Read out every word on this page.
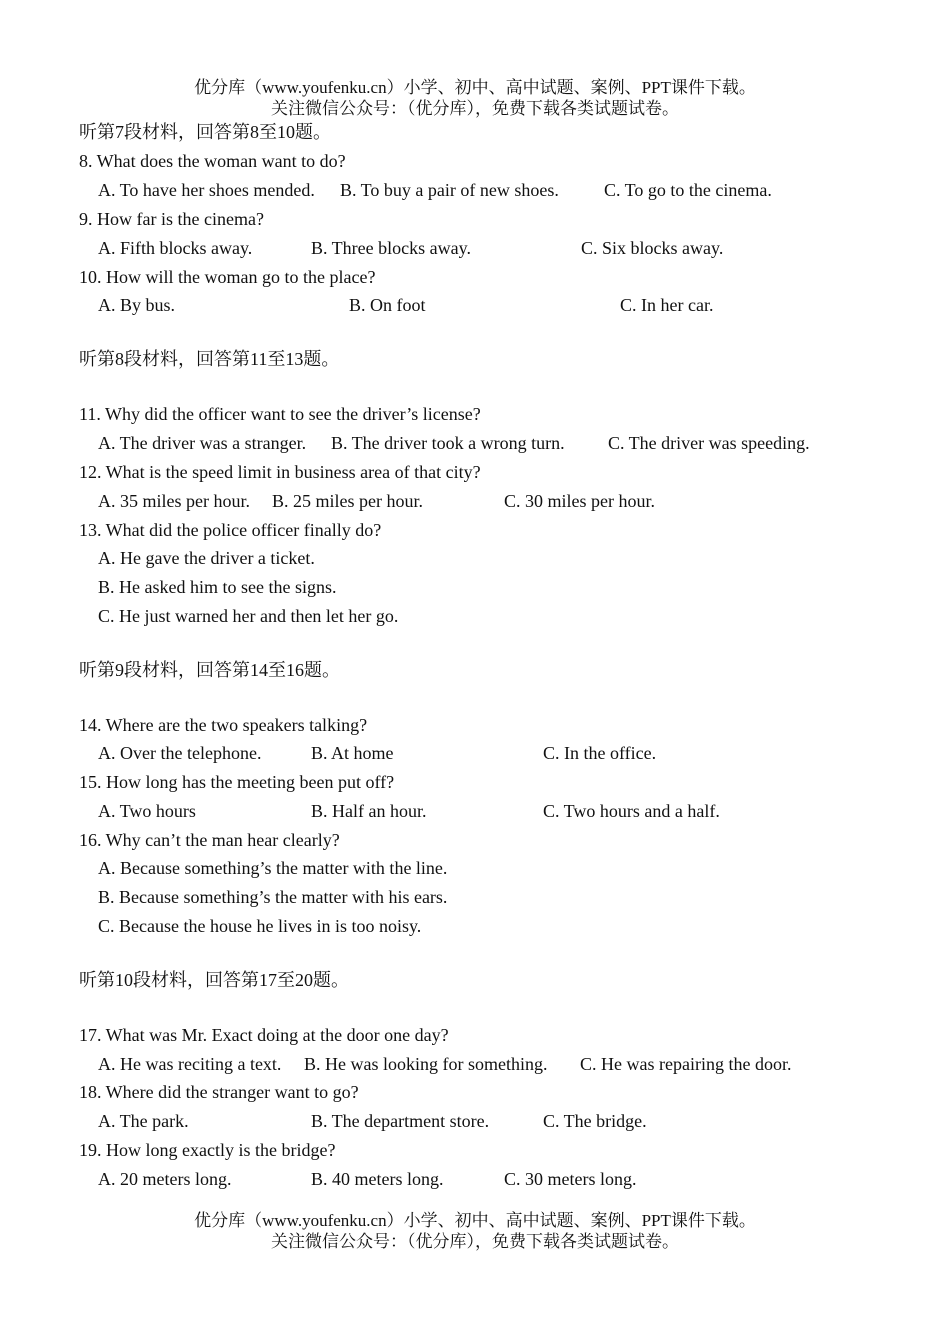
优分库（www.youfenku.cn）小学、初中、高中试题、案例、PPT课件下载。
关注微信公众号：（优分库），免费下载各类试题试卷。
听第7段材料，回答第8至10题。
8. What does the woman want to do?
A. To have her shoes mended. B. To buy a pair of new shoes.	C. To go to the cinema.
9. How far is the cinema?
A. Fifth blocks away.	B. Three blocks away.	C. Six blocks away.
10. How will the woman go to the place?
A. By bus.	B. On foot	C. In her car.
听第8段材料，回答第11至13题。
11. Why did the officer want to see the driver’s license?
A. The driver was a stranger. B. The driver took a wrong turn. C. The driver was speeding.
12. What is the speed limit in business area of that city?
A. 35 miles per hour. B. 25 miles per hour.	C. 30 miles per hour.
13. What did the police officer finally do?
A. He gave the driver a ticket.
B. He asked him to see the signs.
C. He just warned her and then let her go.
听第9段材料，回答第14至16题。
14. Where are the two speakers talking?
A. Over the telephone.	B. At home	C. In the office.
15. How long has the meeting been put off?
A. Two hours	B. Half an hour.	C. Two hours and a half.
16. Why can’t the man hear clearly?
A. Because something’s the matter with the line.
B. Because something’s the matter with his ears.
C. Because the house he lives in is too noisy.
听第10段材料，回答第17至20题。
17. What was Mr. Exact doing at the door one day?
A. He was reciting a text. B. He was looking for something. C. He was repairing the door.
18. Where did the stranger want to go?
A. The park.	B. The department store.	C. The bridge.
19. How long exactly is the bridge?
A. 20 meters long.	B. 40 meters long.	C. 30 meters long.
优分库（www.youfenku.cn）小学、初中、高中试题、案例、PPT课件下载。
关注微信公众号：（优分库），免费下载各类试题试卷。
